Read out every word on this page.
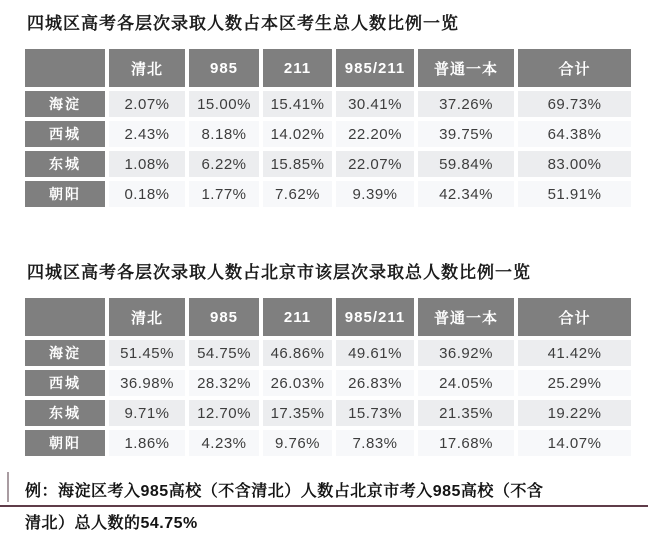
四城区高考各层次录取人数占本区考生总人数比例一览
	清北	985	211	985/211	普通一本	合计
海淀	2.07%	15.00%	15.41%	30.41%	37.26%	69.73%
西城	2.43%	8.18%	14.02%	22.20%	39.75%	64.38%
东城	1.08%	6.22%	15.85%	22.07%	59.84%	83.00%
朝阳	0.18%	1.77%	7.62%	9.39%	42.34%	51.91%
四城区高考各层次录取人数占北京市该层次录取总人数比例一览
	清北	985	211	985/211	普通一本	合计
海淀	51.45%	54.75%	46.86%	49.61%	36.92%	41.42%
西城	36.98%	28.32%	26.03%	26.83%	24.05%	25.29%
东城	9.71%	12.70%	17.35%	15.73%	21.35%	19.22%
朝阳	1.86%	4.23%	9.76%	7.83%	17.68%	14.07%

例：海淀区考入985高校（不含清北）人数占北京市考入985高校（不含

清北）总人数的54.75%
